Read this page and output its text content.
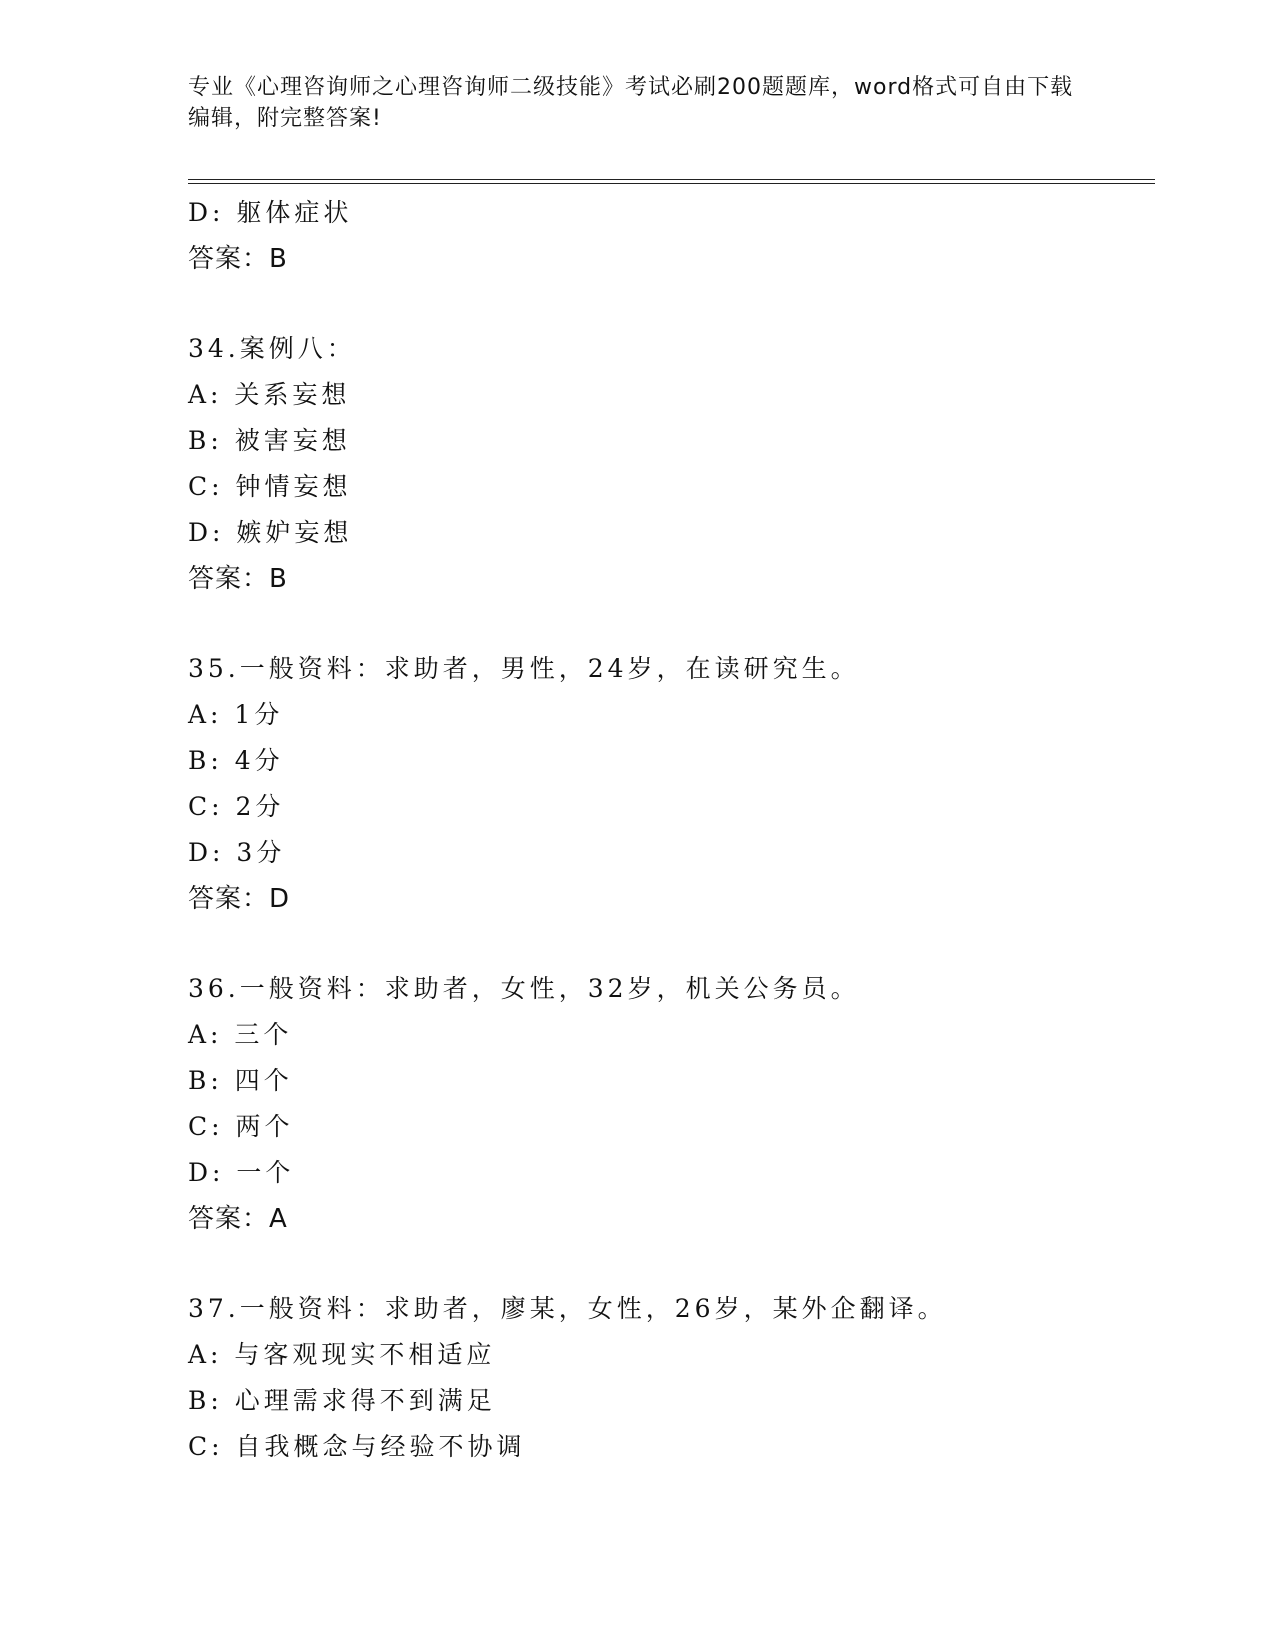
专业《心理咨询师之心理咨询师二级技能》考试必刷200题题库，word格式可自由下载编辑，附完整答案!
D: 躯体症状
答案：B
34.案例八：
A: 关系妄想
B: 被害妄想
C: 钟情妄想
D: 嫉妒妄想
答案：B
35.一般资料：求助者，男性，24岁，在读研究生。
A: 1分
B: 4分
C: 2分
D: 3分
答案：D
36.一般资料：求助者，女性，32岁，机关公务员。
A: 三个
B: 四个
C: 两个
D: 一个
答案：A
37.一般资料：求助者，廖某，女性，26岁，某外企翻译。
A: 与客观现实不相适应
B: 心理需求得不到满足
C: 自我概念与经验不协调
